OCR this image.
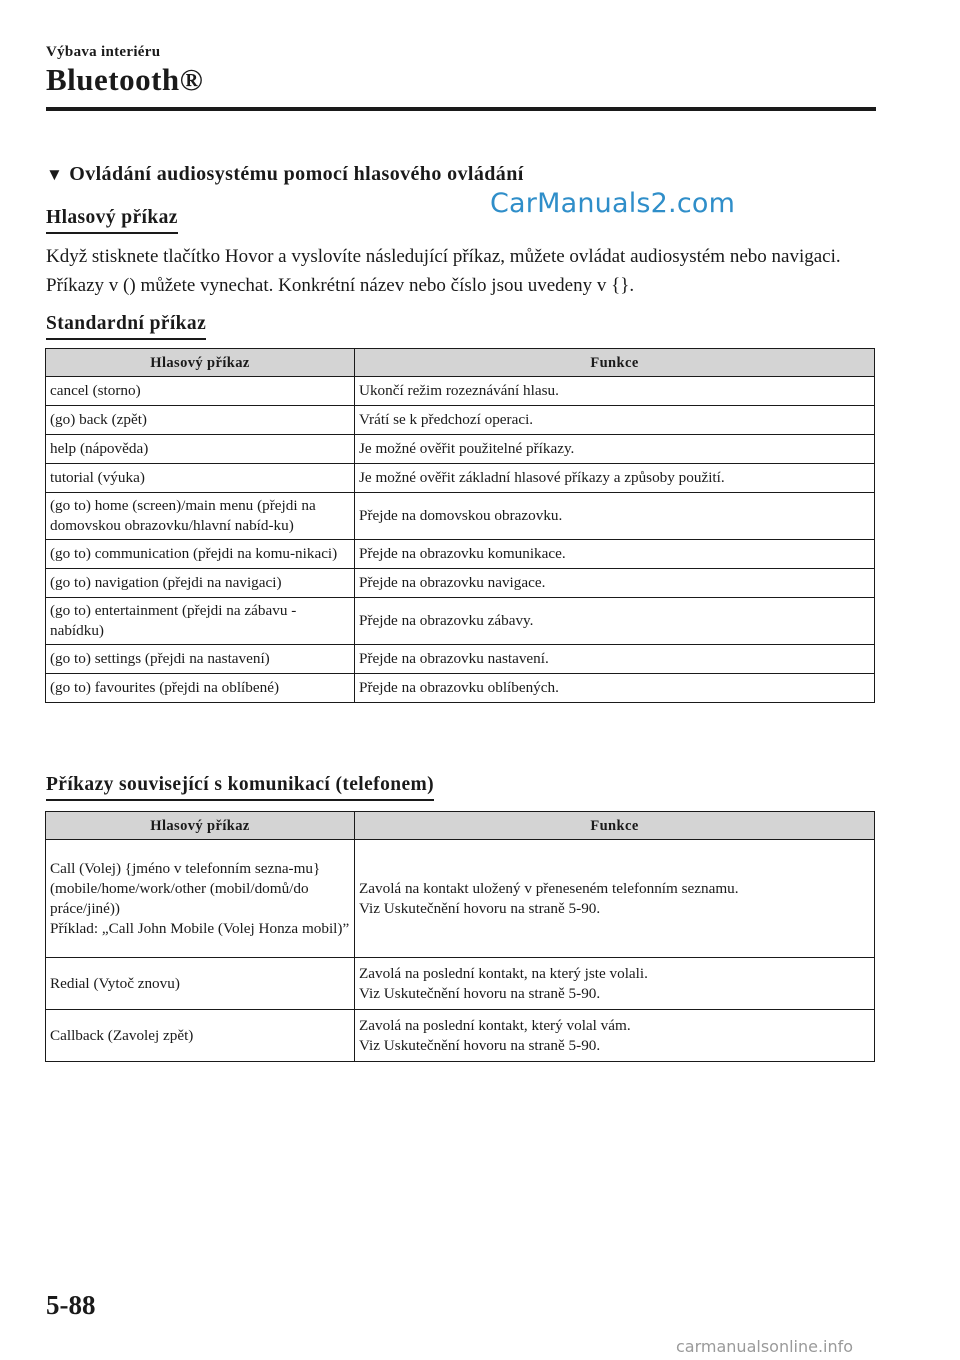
Výbava interiéru
Bluetooth®
▼ Ovládání audiosystému pomocí hlasového ovládání
CarManuals2.com
Hlasový příkaz
Když stisknete tlačítko Hovor a vyslovíte následující příkaz, můžete ovládat audiosystém nebo navigaci. Příkazy v () můžete vynechat. Konkrétní název nebo číslo jsou uvedeny v {}.
Standardní příkaz
Hlasový příkaz	Funkce
cancel (storno)	Ukončí režim rozeznávání hlasu.
(go) back (zpět)	Vrátí se k předchozí operaci.
help (nápověda)	Je možné ověřit použitelné příkazy.
tutorial (výuka)	Je možné ověřit základní hlasové příkazy a způsoby použití.
(go to) home (screen)/main menu (přejdi na domovskou obrazovku/hlavní nabíd-ku)	Přejde na domovskou obrazovku.
(go to) communication (přejdi na komu-nikaci)	Přejde na obrazovku komunikace.
(go to) navigation (přejdi na navigaci)	Přejde na obrazovku navigace.
(go to) entertainment (přejdi na zábavu - nabídku)	Přejde na obrazovku zábavy.
(go to) settings (přejdi na nastavení)	Přejde na obrazovku nastavení.
(go to) favourites (přejdi na oblíbené)	Přejde na obrazovku oblíbených.
Příkazy související s komunikací (telefonem)
Hlasový příkaz	Funkce
Call (Volej) {jméno v telefonním sezna-mu} (mobile/home/work/other (mobil/domů/do práce/jiné))
Příklad: „Call John Mobile (Volej Honza mobil)”	Zavolá na kontakt uložený v přeneseném telefonním seznamu.
Viz Uskutečnění hovoru na straně 5-90.
Redial (Vytoč znovu)	Zavolá na poslední kontakt, na který jste volali.
Viz Uskutečnění hovoru na straně 5-90.
Callback (Zavolej zpět)	Zavolá na poslední kontakt, který volal vám.
Viz Uskutečnění hovoru na straně 5-90.
5-88
carmanualsonline.info
